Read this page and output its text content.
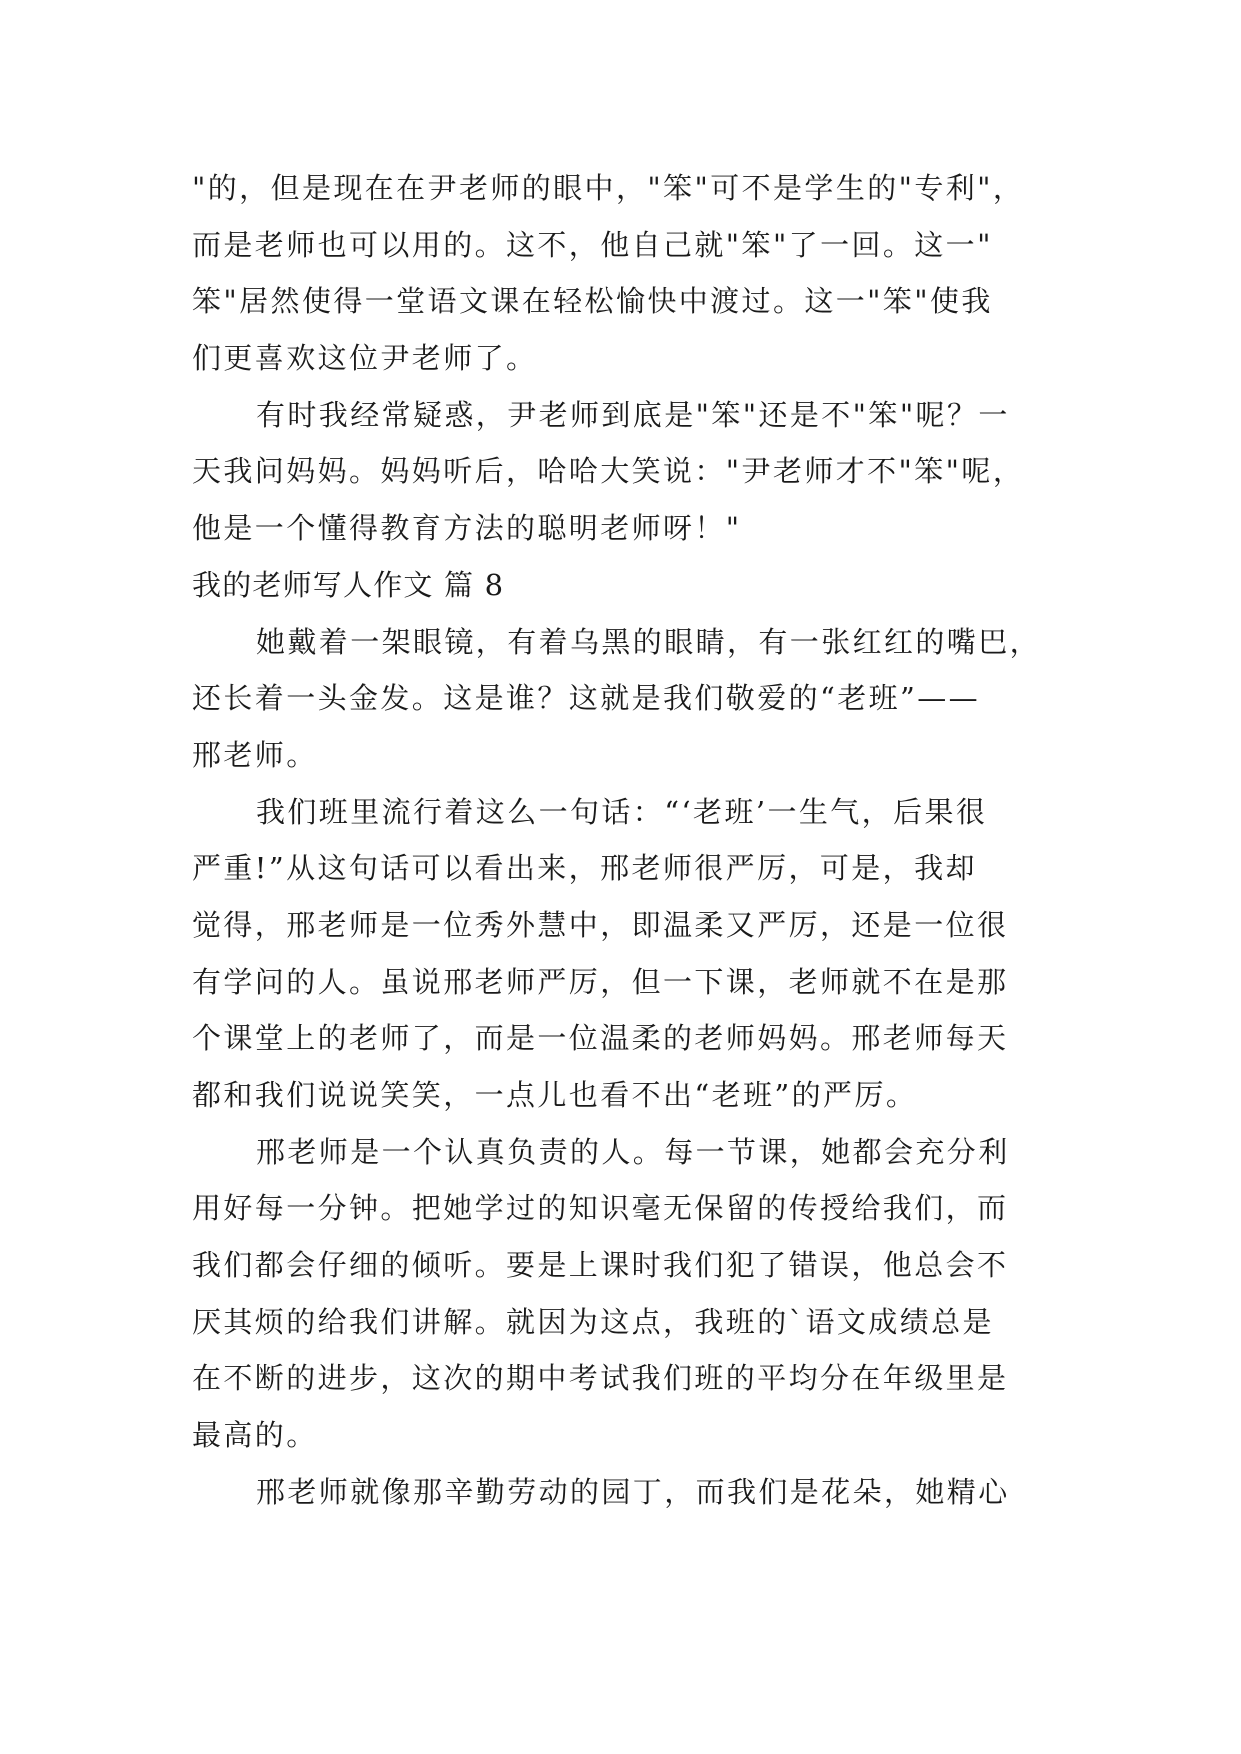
"的，但是现在在尹老师的眼中，"笨"可不是学生的"专利"，
而是老师也可以用的。这不，他自己就"笨"了一回。这一"
笨"居然使得一堂语文课在轻松愉快中渡过。这一"笨"使我
们更喜欢这位尹老师了。
有时我经常疑惑，尹老师到底是"笨"还是不"笨"呢？一
天我问妈妈。妈妈听后，哈哈大笑说："尹老师才不"笨"呢，
他是一个懂得教育方法的聪明老师呀！"
我的老师写人作文 篇 8
她戴着一架眼镜，有着乌黑的眼睛，有一张红红的嘴巴，
还长着一头金发。这是谁？这就是我们敬爱的“老班”——
邢老师。
我们班里流行着这么一句话：“‘老班’一生气，后果很
严重!”从这句话可以看出来，邢老师很严厉，可是，我却
觉得，邢老师是一位秀外慧中，即温柔又严厉，还是一位很
有学问的人。虽说邢老师严厉，但一下课，老师就不在是那
个课堂上的老师了，而是一位温柔的老师妈妈。邢老师每天
都和我们说说笑笑，一点儿也看不出“老班”的严厉。
邢老师是一个认真负责的人。每一节课，她都会充分利
用好每一分钟。把她学过的知识毫无保留的传授给我们，而
我们都会仔细的倾听。要是上课时我们犯了错误，他总会不
厌其烦的给我们讲解。就因为这点，我班的`语文成绩总是
在不断的进步，这次的期中考试我们班的平均分在年级里是
最高的。
邢老师就像那辛勤劳动的园丁，而我们是花朵，她精心
